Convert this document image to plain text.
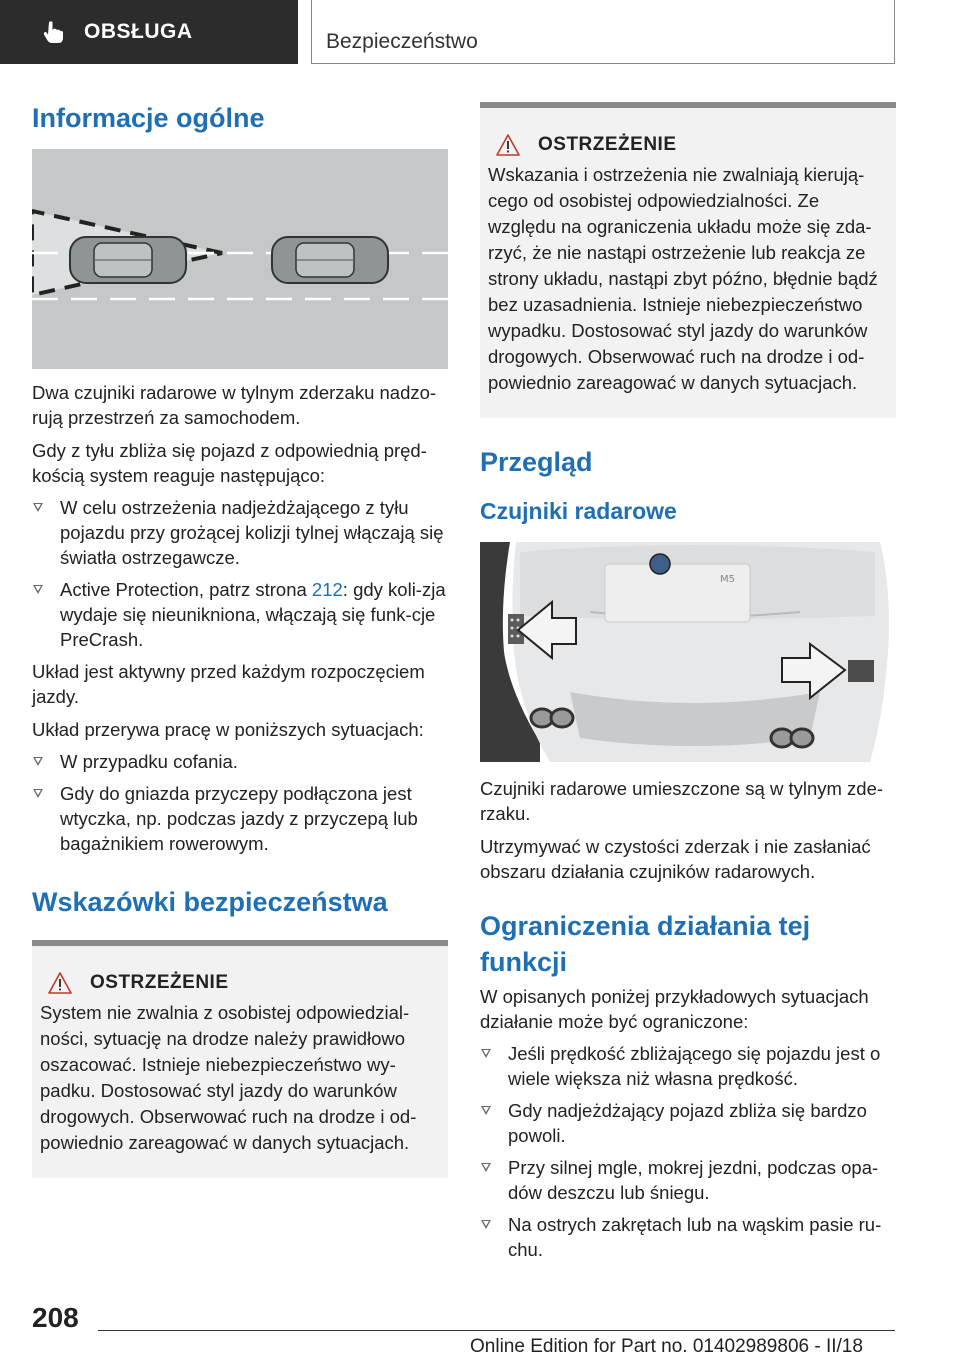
OBSŁUGA	Bezpieczeństwo
Informacje ogólne

Dwa czujniki radarowe w tylnym zderzaku nadzo-rują przestrzeń za samochodem.

Gdy z tyłu zbliża się pojazd z odpowiednią pręd-kością system reaguje następująco:

W celu ostrzeżenia nadjeżdżającego z tyłu pojazdu przy grożącej kolizji tylnej włączają się światła ostrzegawcze.
Active Protection, patrz strona 212: gdy koli-zja wydaje się nieunikniona, włączają się funk-cje PreCrash.

Układ jest aktywny przed każdym rozpoczęciem jazdy.

Układ przerywa pracę w poniższych sytuacjach:

W przypadku cofania.
Gdy do gniazda przyczepy podłączona jest wtyczka, np. podczas jazdy z przyczepą lub bagażnikiem rowerowym.
Wskazówki bezpieczeństwa
OSTRZEŻENIE

System nie zwalnia z osobistej odpowiedzial-ności, sytuację na drodze należy prawidłowo oszacować. Istnieje niebezpieczeństwo wy-padku. Dostosować styl jazdy do warunków drogowych. Obserwować ruch na drodze i od-powiednio zareagować w danych sytuacjach.

OSTRZEŻENIE

Wskazania i ostrzeżenia nie zwalniają kierują-cego od osobistej odpowiedzialności. Ze względu na ograniczenia układu może się zda-rzyć, że nie nastąpi ostrzeżenie lub reakcja ze strony układu, nastąpi zbyt późno, błędnie bądź bez uzasadnienia. Istnieje niebezpieczeństwo wypadku. Dostosować styl jazdy do warunków drogowych. Obserwować ruch na drodze i od-powiednio zareagować w danych sytuacjach.

Przegląd
Czujniki radarowe
M5

Czujniki radarowe umieszczone są w tylnym zde-rzaku.

Utrzymywać w czystości zderzak i nie zasłaniać obszaru działania czujników radarowych.

Ograniczenia działania tej funkcji

W opisanych poniżej przykładowych sytuacjach działanie może być ograniczone:

Jeśli prędkość zbliżającego się pojazdu jest o wiele większa niż własna prędkość.
Gdy nadjeżdżający pojazd zbliża się bardzo powoli.
Przy silnej mgle, mokrej jezdni, podczas opa-dów deszczu lub śniegu.
Na ostrych zakrętach lub na wąskim pasie ru-chu.
208
Online Edition for Part no. 01402989806 - II/18
